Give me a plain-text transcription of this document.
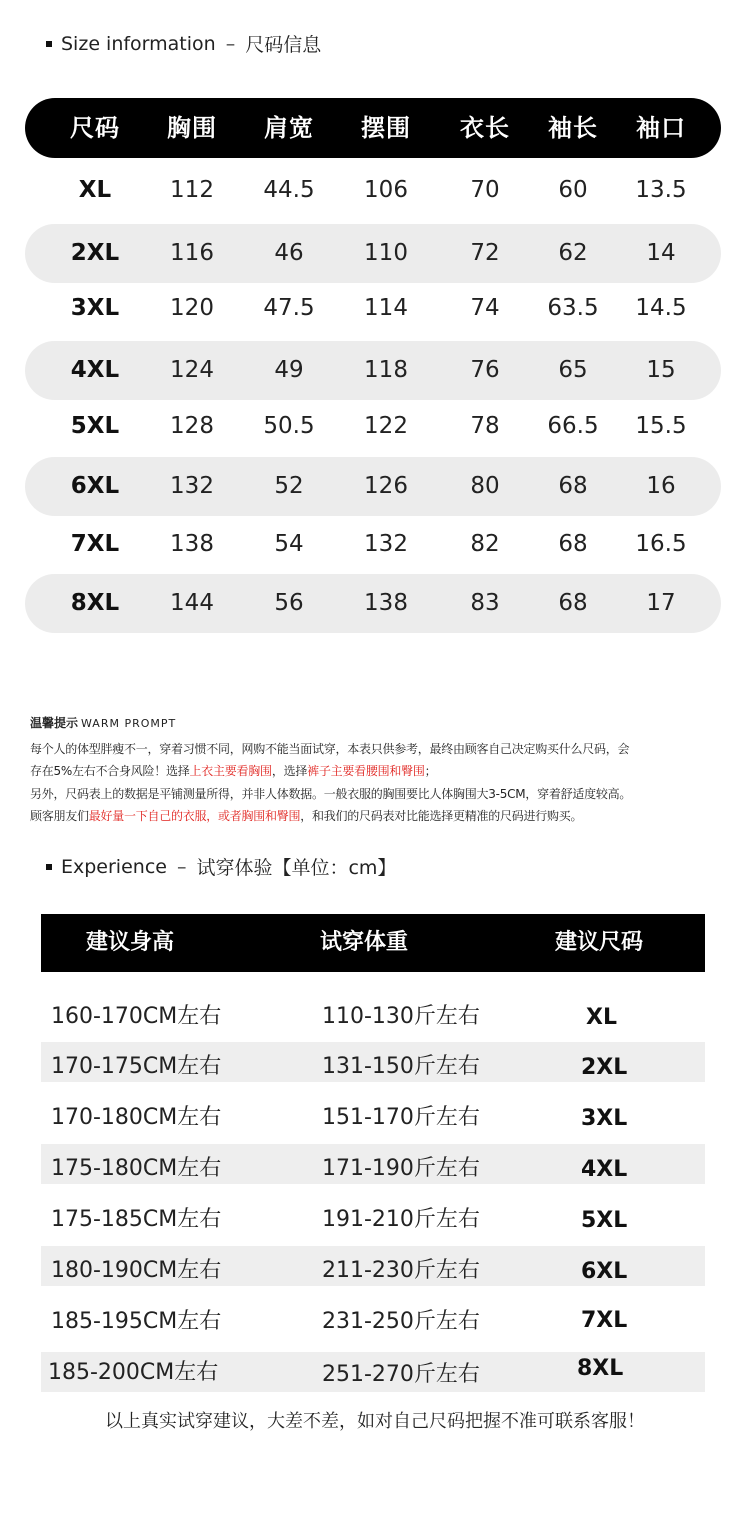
Size information – 尺码信息
尺码 胸围 肩宽 摆围 衣长 袖长 袖口
XL	112 44.5 106	70	60 13.5
2XL 116	46	110	72	62	14
3XL 120 47.5 114	74 63.5 14.5
4XL 124	49	118	76	65	15
5XL 128 50.5 122	78 66.5 15.5
6XL 132	52	126	80	68	16
7XL 138	54	132	82	68 16.5
8XL 144	56	138	83	68	17
温馨提示 WARM PROMPT
每个人的体型胖瘦不一，穿着习惯不同，网购不能当面试穿，本表只供参考，最终由顾客自己决定购买什么尺码，会
存在5%左右不合身风险！选择上衣主要看胸围，选择裤子主要看腰围和臀围；
另外，尺码表上的数据是平铺测量所得，并非人体数据。一般衣服的胸围要比人体胸围大3-5CM，穿着舒适度较高。
顾客朋友们最好量一下自己的衣服，或者胸围和臀围，和我们的尺码表对比能选择更精准的尺码进行购买。
Experience – 试穿体验【单位：cm】
建议身高	试穿体重	建议尺码
160-170CM左右	110-130斤左右	XL
170-175CM左右	131-150斤左右	2XL
170-180CM左右	151-170斤左右	3XL
175-180CM左右	171-190斤左右	4XL
175-185CM左右	191-210斤左右	5XL
180-190CM左右	211-230斤左右	6XL
185-195CM左右	231-250斤左右	7XL
185-200CM左右	251-270斤左右	8XL
以上真实试穿建议，大差不差，如对自己尺码把握不准可联系客服！
